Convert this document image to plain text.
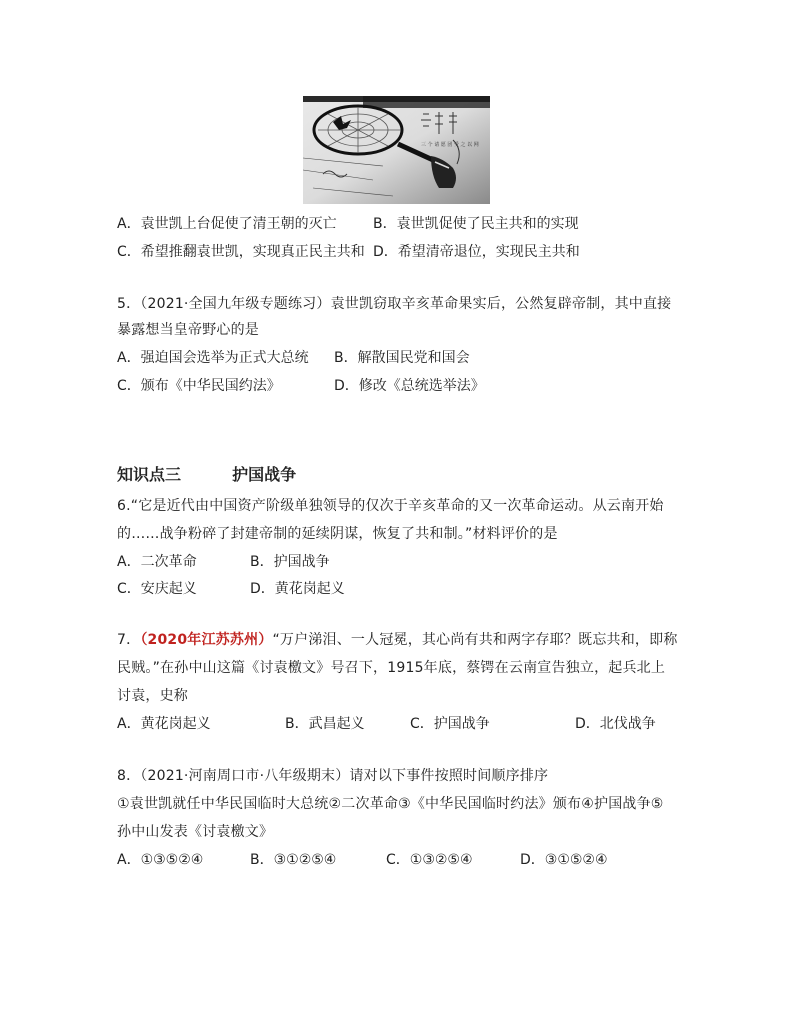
三 个 请 愿 团 受 之 以 网
A．袁世凯上台促使了清王朝的灭亡	B．袁世凯促使了民主共和的实现
C．希望推翻袁世凯，实现真正民主共和 D．希望清帝退位，实现民主共和
5．（2021·全国九年级专题练习）袁世凯窃取辛亥革命果实后，公然复辟帝制，其中直接
暴露想当皇帝野心的是
A．强迫国会选举为正式大总统 B．解散国民党和国会
C．颁布《中华民国约法》	D．修改《总统选举法》
知识点三	护国战争
6.“它是近代由中国资产阶级单独领导的仅次于辛亥革命的又一次革命运动。从云南开始
的……战争粉碎了封建帝制的延续阴谋，恢复了共和制。”材料评价的是
A．二次革命	B．护国战争
C．安庆起义	D．黄花岗起义
7．（2020年江苏苏州）“万户涕泪、一人冠冕，其心尚有共和两字存耶？既忘共和，即称
民贼。”在孙中山这篇《讨袁檄文》号召下，1915年底，蔡锷在云南宣告独立，起兵北上
讨袁，史称
A．黄花岗起义	B．武昌起义	C．护国战争	D．北伐战争
8．（2021·河南周口市·八年级期末）请对以下事件按照时间顺序排序
①袁世凯就任中华民国临时大总统②二次革命③《中华民国临时约法》颁布④护国战争⑤
孙中山发表《讨袁檄文》
A．①③⑤②④	B．③①②⑤④	C．①③②⑤④	D．③①⑤②④
